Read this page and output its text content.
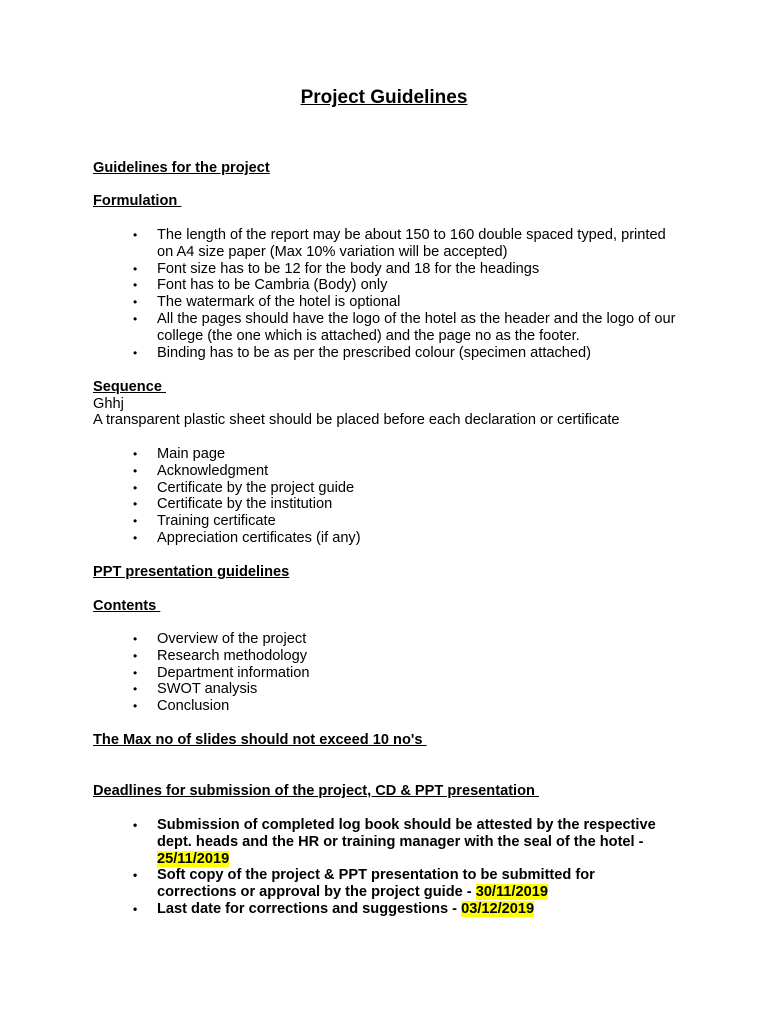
Project Guidelines
Guidelines for the project
Formulation
• The length of the report may be about 150 to 160 double spaced typed, printed on A4 size paper (Max 10% variation will be accepted)
• Font size has to be 12 for the body and 18 for the headings
• Font has to be Cambria (Body) only
• The watermark of the hotel is optional
• All the pages should have the logo of the hotel as the header and the logo of our college (the one which is attached) and the page no as the footer.
• Binding has to be as per the prescribed colour (specimen attached)
Sequence
Ghhj
A transparent plastic sheet should be placed before each declaration or certificate
• Main page
• Acknowledgment
• Certificate by the project guide
• Certificate by the institution
• Training certificate
• Appreciation certificates (if any)
PPT presentation guidelines
Contents
• Overview of the project
• Research methodology
• Department information
• SWOT analysis
• Conclusion
The Max no of slides should not exceed 10 no's
Deadlines for submission of the project, CD & PPT presentation
• Submission of completed log book should be attested by the respective dept. heads and the HR or training manager with the seal of the hotel - 25/11/2019
• Soft copy of the project & PPT presentation to be submitted for corrections or approval by the project guide - 30/11/2019
• Last date for corrections and suggestions - 03/12/2019
